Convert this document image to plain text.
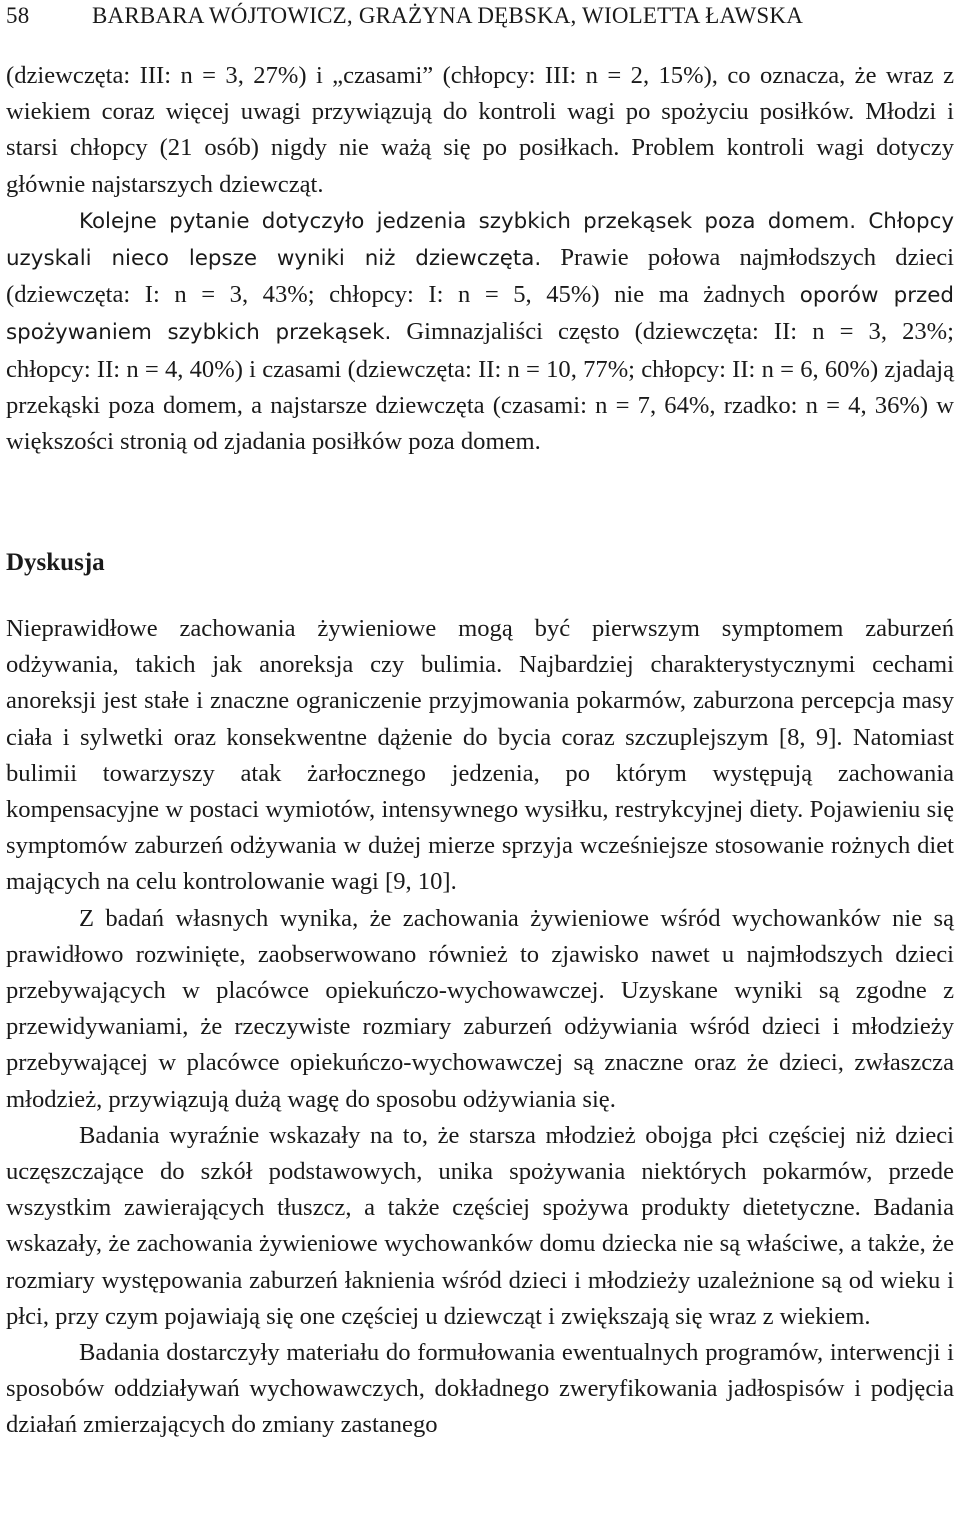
58	BARBARA WÓJTOWICZ, GRAŻYNA DĘBSKA, WIOLETTA ŁAWSKA

(dziewczęta: III: n = 3, 27%) i „czasami” (chłopcy: III: n = 2, 15%), co oznacza, że wraz z wiekiem coraz więcej uwagi przywiązują do kontroli wagi po spożyciu posiłków. Młodzi i starsi chłopcy (21 osób) nigdy nie ważą się po posiłkach. Problem kontroli wagi dotyczy głównie najstarszych dziewcząt.

Kolejne pytanie dotyczyło jedzenia szybkich przekąsek poza domem. Chłopcy uzyskali nieco lepsze wyniki niż dziewczęta. Prawie połowa najmłodszych dzieci (dziewczęta: I: n = 3, 43%; chłopcy: I: n = 5, 45%) nie ma żadnych oporów przed spożywaniem szybkich przekąsek. Gimnazjaliści często (dziewczęta: II: n = 3, 23%; chłopcy: II: n = 4, 40%) i czasami (dziewczęta: II: n = 10, 77%; chłopcy: II: n = 6, 60%) zjadają przekąski poza domem, a najstarsze dziewczęta (czasami: n = 7, 64%, rzadko: n = 4, 36%) w większości stronią od zjadania posiłków poza domem.

Dyskusja

Nieprawidłowe zachowania żywieniowe mogą być pierwszym symptomem zaburzeń odżywania, takich jak anoreksja czy bulimia. Najbardziej charakterystycznymi cechami anoreksji jest stałe i znaczne ograniczenie przyjmowania pokarmów, zaburzona percepcja masy ciała i sylwetki oraz konsekwentne dążenie do bycia coraz szczuplejszym [8, 9]. Natomiast bulimii towarzyszy atak żarłocznego jedzenia, po którym występują zachowania kompensacyjne w postaci wymiotów, intensywnego wysiłku, restrykcyjnej diety. Pojawieniu się symptomów zaburzeń odżywania w dużej mierze sprzyja wcześniejsze stosowanie rożnych diet mających na celu kontrolowanie wagi [9, 10].

Z badań własnych wynika, że zachowania żywieniowe wśród wychowanków nie są prawidłowo rozwinięte, zaobserwowano również to zjawisko nawet u najmłodszych dzieci przebywających w placówce opiekuńczo-wychowawczej. Uzyskane wyniki są zgodne z przewidywaniami, że rzeczywiste rozmiary zaburzeń odżywiania wśród dzieci i młodzieży przebywającej w placówce opiekuńczo-wychowawczej są znaczne oraz że dzieci, zwłaszcza młodzież, przywiązują dużą wagę do sposobu odżywiania się.

Badania wyraźnie wskazały na to, że starsza młodzież obojga płci częściej niż dzieci uczęszczające do szkół podstawowych, unika spożywania niektórych pokarmów, przede wszystkim zawierających tłuszcz, a także częściej spożywa produkty dietetyczne. Badania wskazały, że zachowania żywieniowe wychowanków domu dziecka nie są właściwe, a także, że rozmiary występowania zaburzeń łaknienia wśród dzieci i młodzieży uzależnione są od wieku i płci, przy czym pojawiają się one częściej u dziewcząt i zwiększają się wraz z wiekiem.

Badania dostarczyły materiału do formułowania ewentualnych programów, interwencji i sposobów oddziaływań wychowawczych, dokładnego zweryfikowania jadłospisów i podjęcia działań zmierzających do zmiany zastanego
